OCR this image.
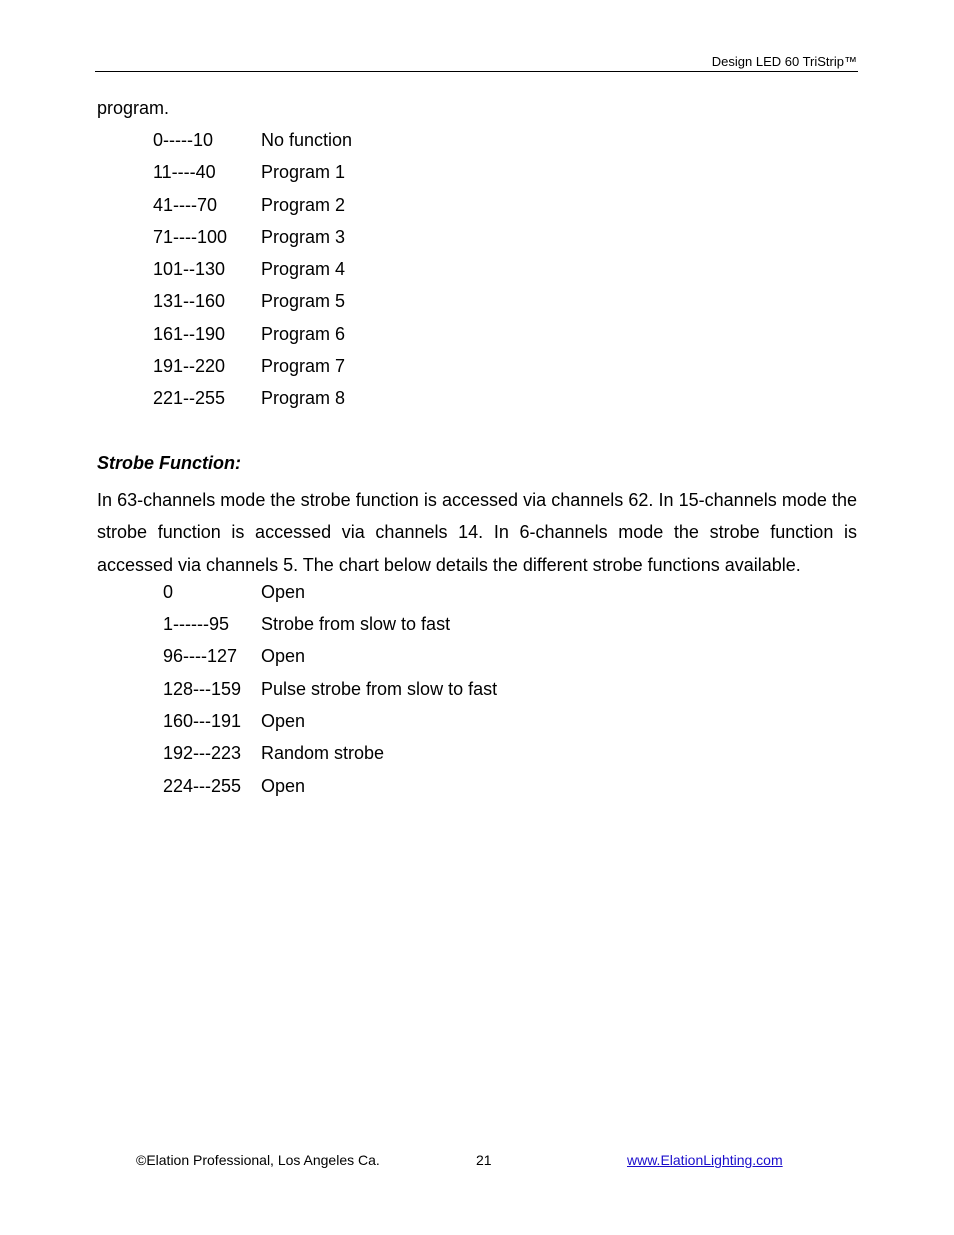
Design LED 60 TriStrip™
program.
0-----10	No function
11----40	Program 1
41----70 Program 2
71----100 Program 3
101--130 Program 4
131--160 Program 5
161--190 Program 6
191--220 Program 7
221--255 Program 8
Strobe Function:
In 63-channels mode the strobe function is accessed via channels 62. In 15-channels mode the strobe function is accessed via channels 14. In 6-channels mode the strobe function is accessed via channels 5. The chart below details the different strobe functions available.
0	Open
1------95 Strobe from slow to fast
96----127 Open
128---159 Pulse strobe from slow to fast
160---191 Open
192---223 Random strobe
224---255 Open
©Elation Professional, Los Angeles Ca.	21	www.ElationLighting.com
